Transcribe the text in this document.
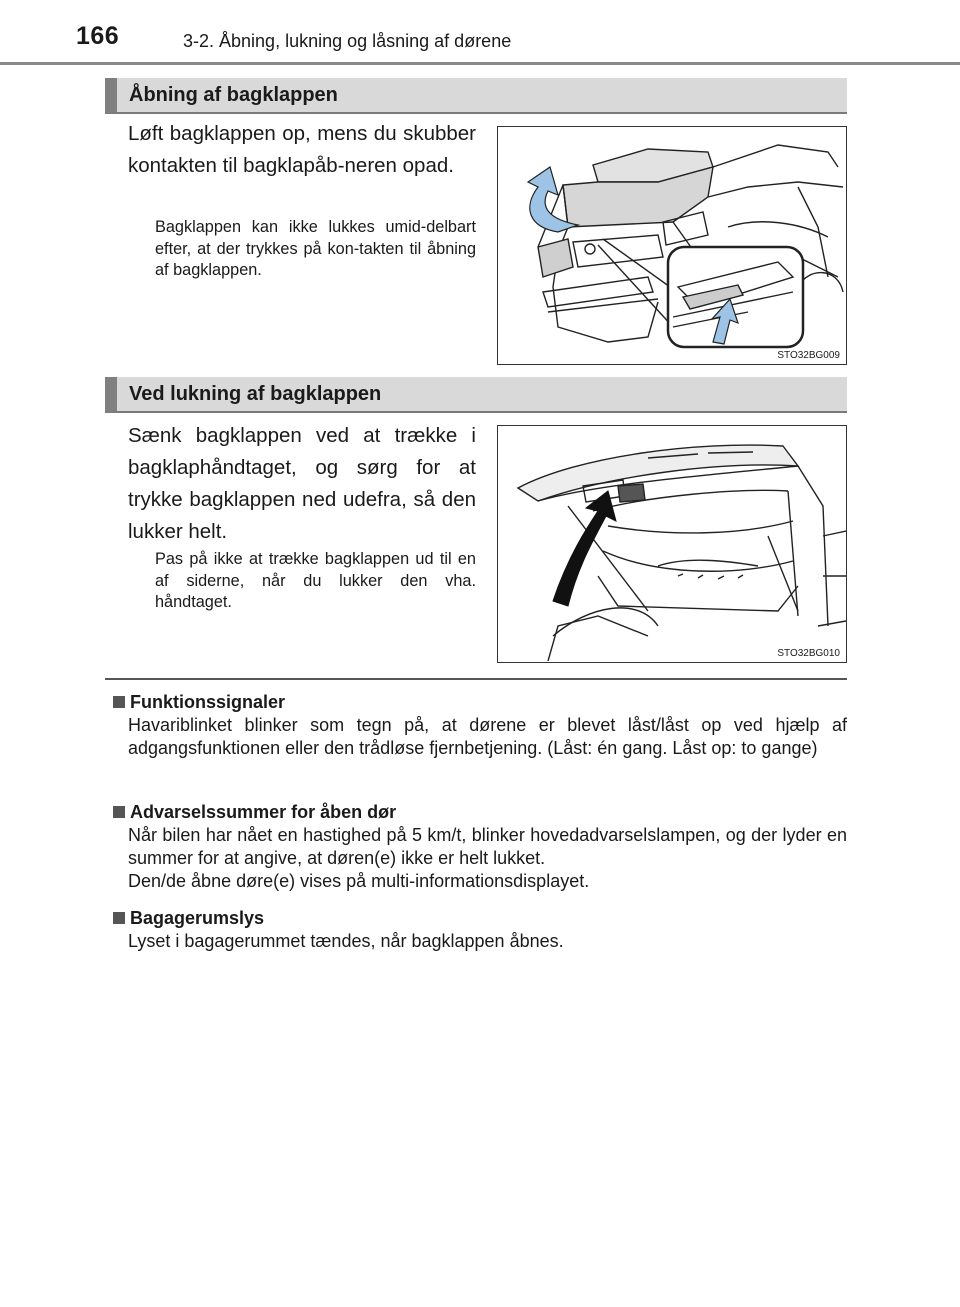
166	3-2. Åbning, lukning og låsning af dørene
Åbning af bagklappen
Løft bagklappen op, mens du skubber kontakten til bagklapåb-neren opad.
Bagklappen kan ikke lukkes umid-delbart efter, at der trykkes på kon-takten til åbning af bagklappen.
STO32BG009
Ved lukning af bagklappen
Sænk bagklappen ved at trække i bagklaphåndtaget, og sørg for at trykke bagklappen ned udefra, så den lukker helt.
Pas på ikke at trække bagklappen ud til en af siderne, når du lukker den vha. håndtaget.
STO32BG010
Funktionssignaler
Havariblinket blinker som tegn på, at dørene er blevet låst/låst op ved hjælp af adgangsfunktionen eller den trådløse fjernbetjening. (Låst: én gang. Låst op: to gange)
Advarselssummer for åben dør
Når bilen har nået en hastighed på 5 km/t, blinker hovedadvarselslampen, og der lyder en summer for at angive, at døren(e) ikke er helt lukket.
Den/de åbne døre(e) vises på multi-informationsdisplayet.
Bagagerumslys
Lyset i bagagerummet tændes, når bagklappen åbnes.
